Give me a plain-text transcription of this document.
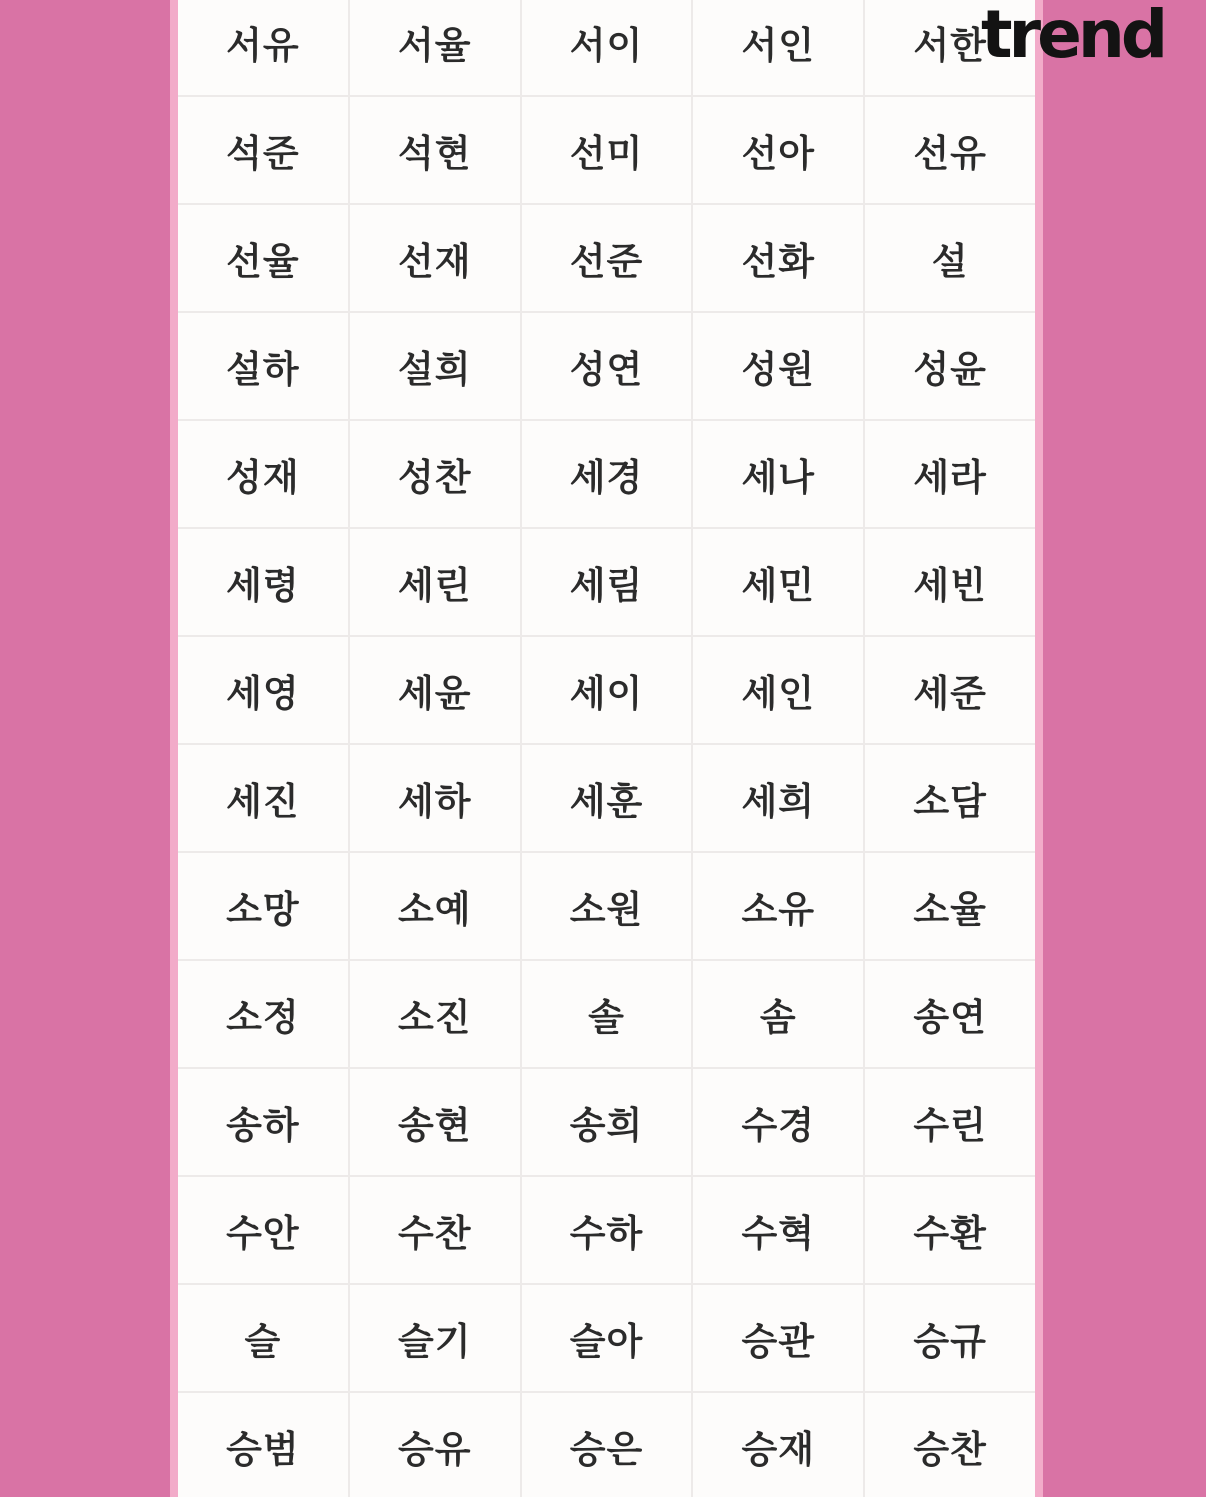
서유	서율	서이	서인	서한
석준	석현	선미	선아	선유
선율	선재	선준	선화	설
설하	설희	성연	성원	성윤
성재	성찬	세경	세나	세라
세령	세린	세림	세민	세빈
세영	세윤	세이	세인	세준
세진	세하	세훈	세희	소담
소망	소예	소원	소유	소율
소정	소진	솔	솜	송연
송하	송현	송희	수경	수린
수안	수찬	수하	수혁	수환
슬	슬기	슬아	승관	승규
승범	승유	승은	승재	승찬
trend
